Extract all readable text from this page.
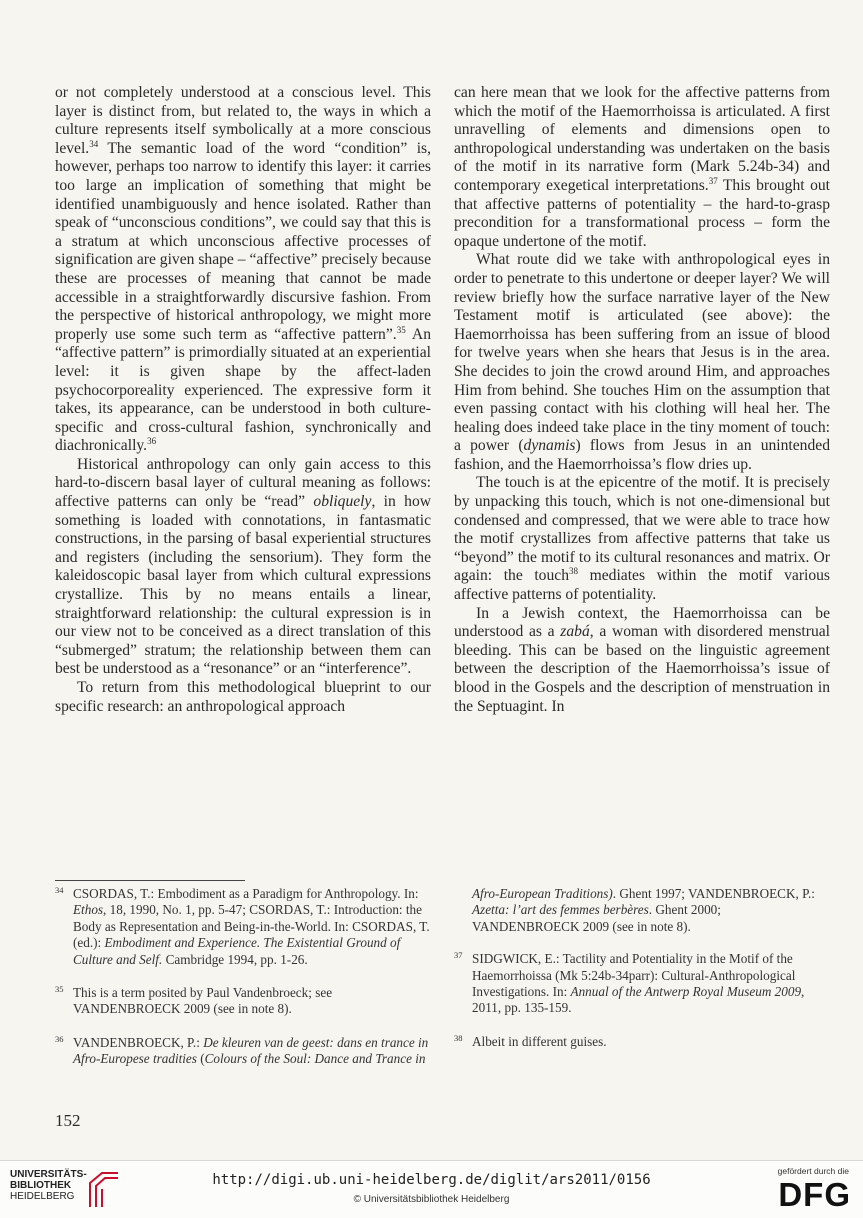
or not completely understood at a conscious level. This layer is distinct from, but related to, the ways in which a culture represents itself symbolically at a more conscious level.$^{34}$ The semantic load of the word “condition” is, however, perhaps too narrow to identify this layer: it carries too large an implication of something that might be identified unambiguously and hence isolated. Rather than speak of “unconscious conditions”, we could say that this is a stratum at which unconscious affective processes of signification are given shape – “affective” precisely because these are processes of meaning that cannot be made accessible in a straightforwardly discursive fashion. From the perspective of historical anthropology, we might more properly use some such term as “affective pattern”.$^{35}$ An “affective pattern” is primordially situated at an experiential level: it is given shape by the affect-laden psychocorporeality experienced. The expressive form it takes, its appearance, can be understood in both culture-specific and cross-cultural fashion, synchronically and diachronically.$^{36}$

Historical anthropology can only gain access to this hard-to-discern basal layer of cultural meaning as follows: affective patterns can only be “read” obliquely, in how something is loaded with connotations, in fantasmatic constructions, in the parsing of basal experiential structures and registers (including the sensorium). They form the kaleidoscopic basal layer from which cultural expressions crystallize. This by no means entails a linear, straightforward relationship: the cultural expression is in our view not to be conceived as a direct translation of this “submerged” stratum; the relationship between them can best be understood as a “resonance” or an “interference”.

To return from this methodological blueprint to our specific research: an anthropological approach

can here mean that we look for the affective patterns from which the motif of the Haemorrhoissa is articulated. A first unravelling of elements and dimensions open to anthropological understanding was undertaken on the basis of the motif in its narrative form (Mark 5.24b-34) and contemporary exegetical interpretations.$^{37}$ This brought out that affective patterns of potentiality – the hard-to-grasp precondition for a transformational process – form the opaque undertone of the motif.

What route did we take with anthropological eyes in order to penetrate to this undertone or deeper layer? We will review briefly how the surface narrative layer of the New Testament motif is articulated (see above): the Haemorrhoissa has been suffering from an issue of blood for twelve years when she hears that Jesus is in the area. She decides to join the crowd around Him, and approaches Him from behind. She touches Him on the assumption that even passing contact with his clothing will heal her. The healing does indeed take place in the tiny moment of touch: a power (dynamis) flows from Jesus in an unintended fashion, and the Haemorrhoissa’s flow dries up.

The touch is at the epicentre of the motif. It is precisely by unpacking this touch, which is not one-dimensional but condensed and compressed, that we were able to trace how the motif crystallizes from affective patterns that take us “beyond” the motif to its cultural resonances and matrix. Or again: the touch$^{38}$ mediates within the motif various affective patterns of potentiality.

In a Jewish context, the Haemorrhoissa can be understood as a zabá, a woman with disordered menstrual bleeding. This can be based on the linguistic agreement between the description of the Haemorrhoissa’s issue of blood in the Gospels and the description of menstruation in the Septuagint. In

34 CSORDAS, T.: Embodiment as a Paradigm for Anthropology. In: Ethos, 18, 1990, No. 1, pp. 5-47; CSORDAS, T.: Introduction: the Body as Representation and Being-in-the-World. In: CSORDAS, T. (ed.): Embodiment and Experience. The Existential Ground of Culture and Self. Cambridge 1994, pp. 1-26.
35 This is a term posited by Paul Vandenbroeck; see VANDENBROECK 2009 (see in note 8).
36 VANDENBROECK, P.: De kleuren van de geest: dans en trance in Afro-Europese tradities (Colours of the Soul: Dance and Trance in
Afro-European Traditions). Ghent 1997; VANDENBROECK, P.: Azetta: l’art des femmes berbères. Ghent 2000; VANDENBROECK 2009 (see in note 8).
37 SIDGWICK, E.: Tactility and Potentiality in the Motif of the Haemorrhoissa (Mk 5:24b-34parr): Cultural-Anthropological Investigations. In: Annual of the Antwerp Royal Museum 2009, 2011, pp. 135-159.
38 Albeit in different guises.
152
UNIVERSITÄTS-
BIBLIOTHEK
HEIDELBERG
http://digi.ub.uni-heidelberg.de/diglit/ars2011/0156
© Universitätsbibliothek Heidelberg
gefördert durch die
DFG
